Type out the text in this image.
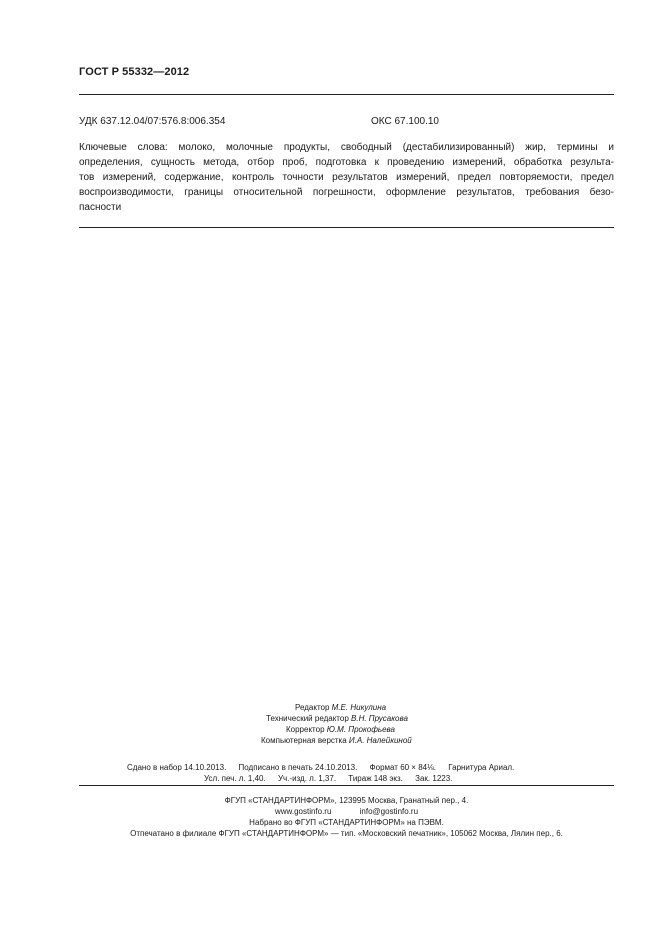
ГОСТ Р 55332—2012
УДК 637.12.04/07:576.8:006.354	ОКС 67.100.10
Ключевые слова: молоко, молочные продукты, свободный (дестабилизированный) жир, термины и
определения, сущность метода, отбор проб, подготовка к проведению измерений, обработка результа-
тов измерений, содержание, контроль точности результатов измерений, предел повторяемости, предел
воспроизводимости, границы относительной погрешности, оформление результатов, требования безо-
пасности
Редактор М.Е. Никулина
Технический редактор В.Н. Прусакова
Корректор Ю.М. Прокофьева
Компьютерная верстка И.А. Налейкиной
Сдано в набор 14.10.2013. Подписано в печать 24.10.2013. Формат 60 × 84⅛. Гарнитура Ариал.
Усл. печ. л. 1,40. Уч.-изд. л. 1,37. Тираж 148 экз. Зак. 1223.
ФГУП «СТАНДАРТИНФОРМ», 123995 Москва, Гранатный пер., 4.
www.gostinfo.ru	info@gostinfo.ru
Набрано во ФГУП «СТАНДАРТИНФОРМ» на ПЭВМ.
Отпечатано в филиале ФГУП «СТАНДАРТИНФОРМ» — тип. «Московский печатник», 105062 Москва, Лялин пер., 6.
